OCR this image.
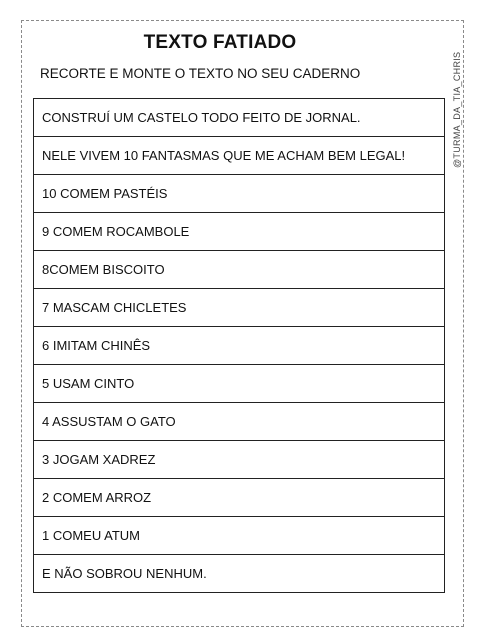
TEXTO FATIADO

RECORTE E MONTE O TEXTO NO SEU CADERNO	@TURMA_DA_TIA_CHRIS
CONSTRUÍ UM CASTELO TODO FEITO DE JORNAL.
NELE VIVEM 10 FANTASMAS QUE ME ACHAM BEM LEGAL!
10 COMEM PASTÉIS
9 COMEM ROCAMBOLE
8COMEM BISCOITO
7 MASCAM CHICLETES
6 IMITAM CHINÊS
5 USAM CINTO
4 ASSUSTAM O GATO
3 JOGAM XADREZ
2 COMEM ARROZ
1 COMEU ATUM
E NÃO SOBROU NENHUM.
